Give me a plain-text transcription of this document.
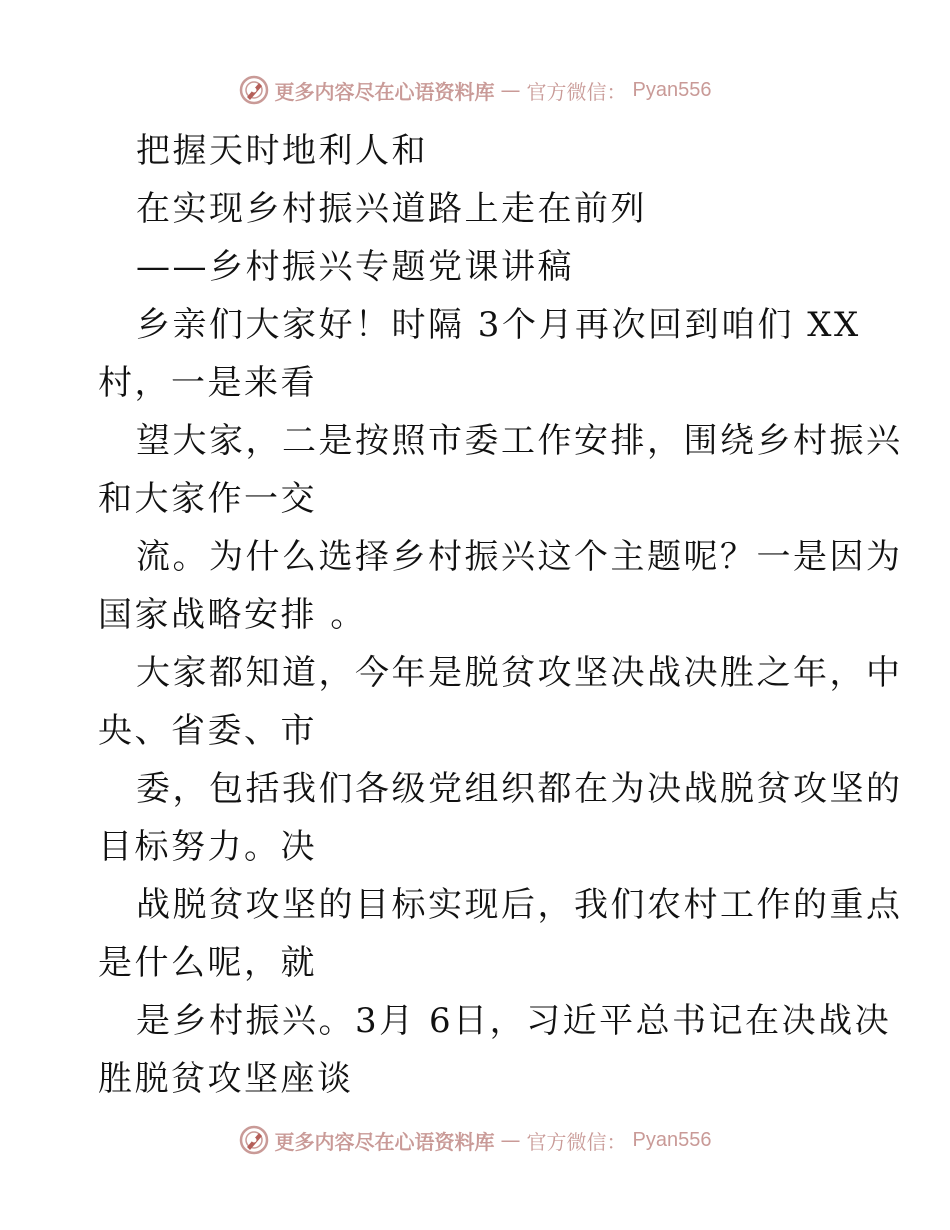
更多内容尽在心语资料库 — 官方微信： Pyan556
把握天时地利人和
在实现乡村振兴道路上走在前列
——乡村振兴专题党课讲稿
乡亲们大家好！时隔 3个月再次回到咱们 XX
村，一是来看
望大家，二是按照市委工作安排，围绕乡村振兴
和大家作一交
流。为什么选择乡村振兴这个主题呢？一是因为
国家战略安排 。
大家都知道，今年是脱贫攻坚决战决胜之年，中
央、省委、市
委，包括我们各级党组织都在为决战脱贫攻坚的
目标努力。决
战脱贫攻坚的目标实现后，我们农村工作的重点
是什么呢，就
是乡村振兴。3月 6日，习近平总书记在决战决
胜脱贫攻坚座谈
更多内容尽在心语资料库 — 官方微信： Pyan556
